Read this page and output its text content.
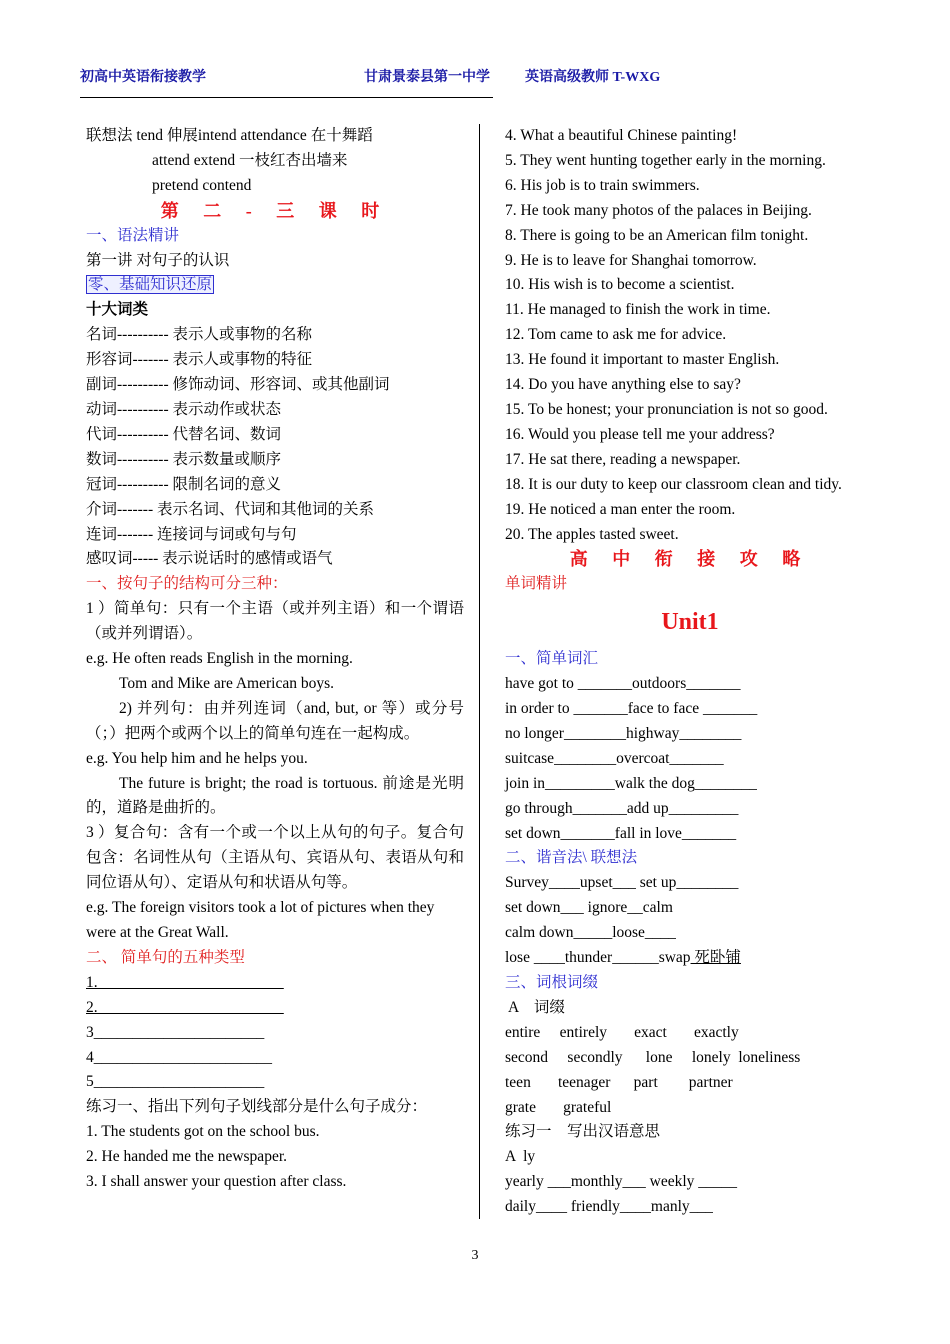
初高中英语衔接教学	甘肃景泰县第一中学	英语高级教师 T-WXG
联想法 tend 伸展intend attendance 在十舞蹈
attend extend 一枝红杏出墙来
pretend contend
第 二 - 三 课 时
一、语法精讲
第一讲 对句子的认识
零、基础知识还原
十大词类
名词---------- 表示人或事物的名称
形容词------- 表示人或事物的特征
副词---------- 修饰动词、形容词、或其他副词
动词---------- 表示动作或状态
代词---------- 代替名词、数词
数词---------- 表示数量或顺序
冠词---------- 限制名词的意义
介词------- 表示名词、代词和其他词的关系
连词------- 连接词与词或句与句
感叹词----- 表示说话时的感情或语气
一、按句子的结构可分三种：
1 ）简单句：只有一个主语（或并列主语）和一个谓语（或并列谓语）。
e.g. He often reads English in the morning.
Tom and Mike are American boys.
2) 并列句：由并列连词（and, but, or 等）或分号（；）把两个或两个以上的简单句连在一起构成。
e.g. You help him and he helps you.
The future is bright; the road is tortuous. 前途是光明的，道路是曲折的。
3 ）复合句：含有一个或一个以上从句的句子。复合句包含：名词性从句（主语从句、宾语从句、表语从句和同位语从句）、定语从句和状语从句等。
e.g. The foreign visitors took a lot of pictures when they were at the Great Wall.
二、 简单句的五种类型
1.________________________
2.________________________
3______________________
4_______________________
5______________________
练习一、指出下列句子划线部分是什么句子成分：
1. The students got on the school bus.
2. He handed me the newspaper.
3. I shall answer your question after class.
4. What a beautiful Chinese painting!
5. They went hunting together early in the morning.
6. His job is to train swimmers.
7. He took many photos of the palaces in Beijing.
8. There is going to be an American film tonight.
9. He is to leave for Shanghai tomorrow.
10. His wish is to become a scientist.
11. He managed to finish the work in time.
12. Tom came to ask me for advice.
13. He found it important to master English.
14. Do you have anything else to say?
15. To be honest; your pronunciation is not so good.
16. Would you please tell me your address?
17. He sat there, reading a newspaper.
18. It is our duty to keep our classroom clean and tidy.
19. He noticed a man enter the room.
20. The apples tasted sweet.
高 中 衔 接 攻 略
单词精讲
Unit1
一、简单词汇
have got to _______outdoors_______
in order to _______face to face _______
no longer________highway________
suitcase________overcoat_______
join in_________walk the dog________
go through_______add up_________
set down_______fall in love_______
二、谐音法\ 联想法
Survey____upset___ set up________
set down___ ignore__calm
calm down_____loose____
lose ____thunder______swap 死卧铺
三、词根词缀
A    词缀
entire     entirely       exact       exactly
second     secondly      lone     lonely  loneliness
teen       teenager      part        partner
grate       grateful
练习一    写出汉语意思
A  ly
yearly ___monthly___ weekly _____
daily____ friendly____manly___
3
